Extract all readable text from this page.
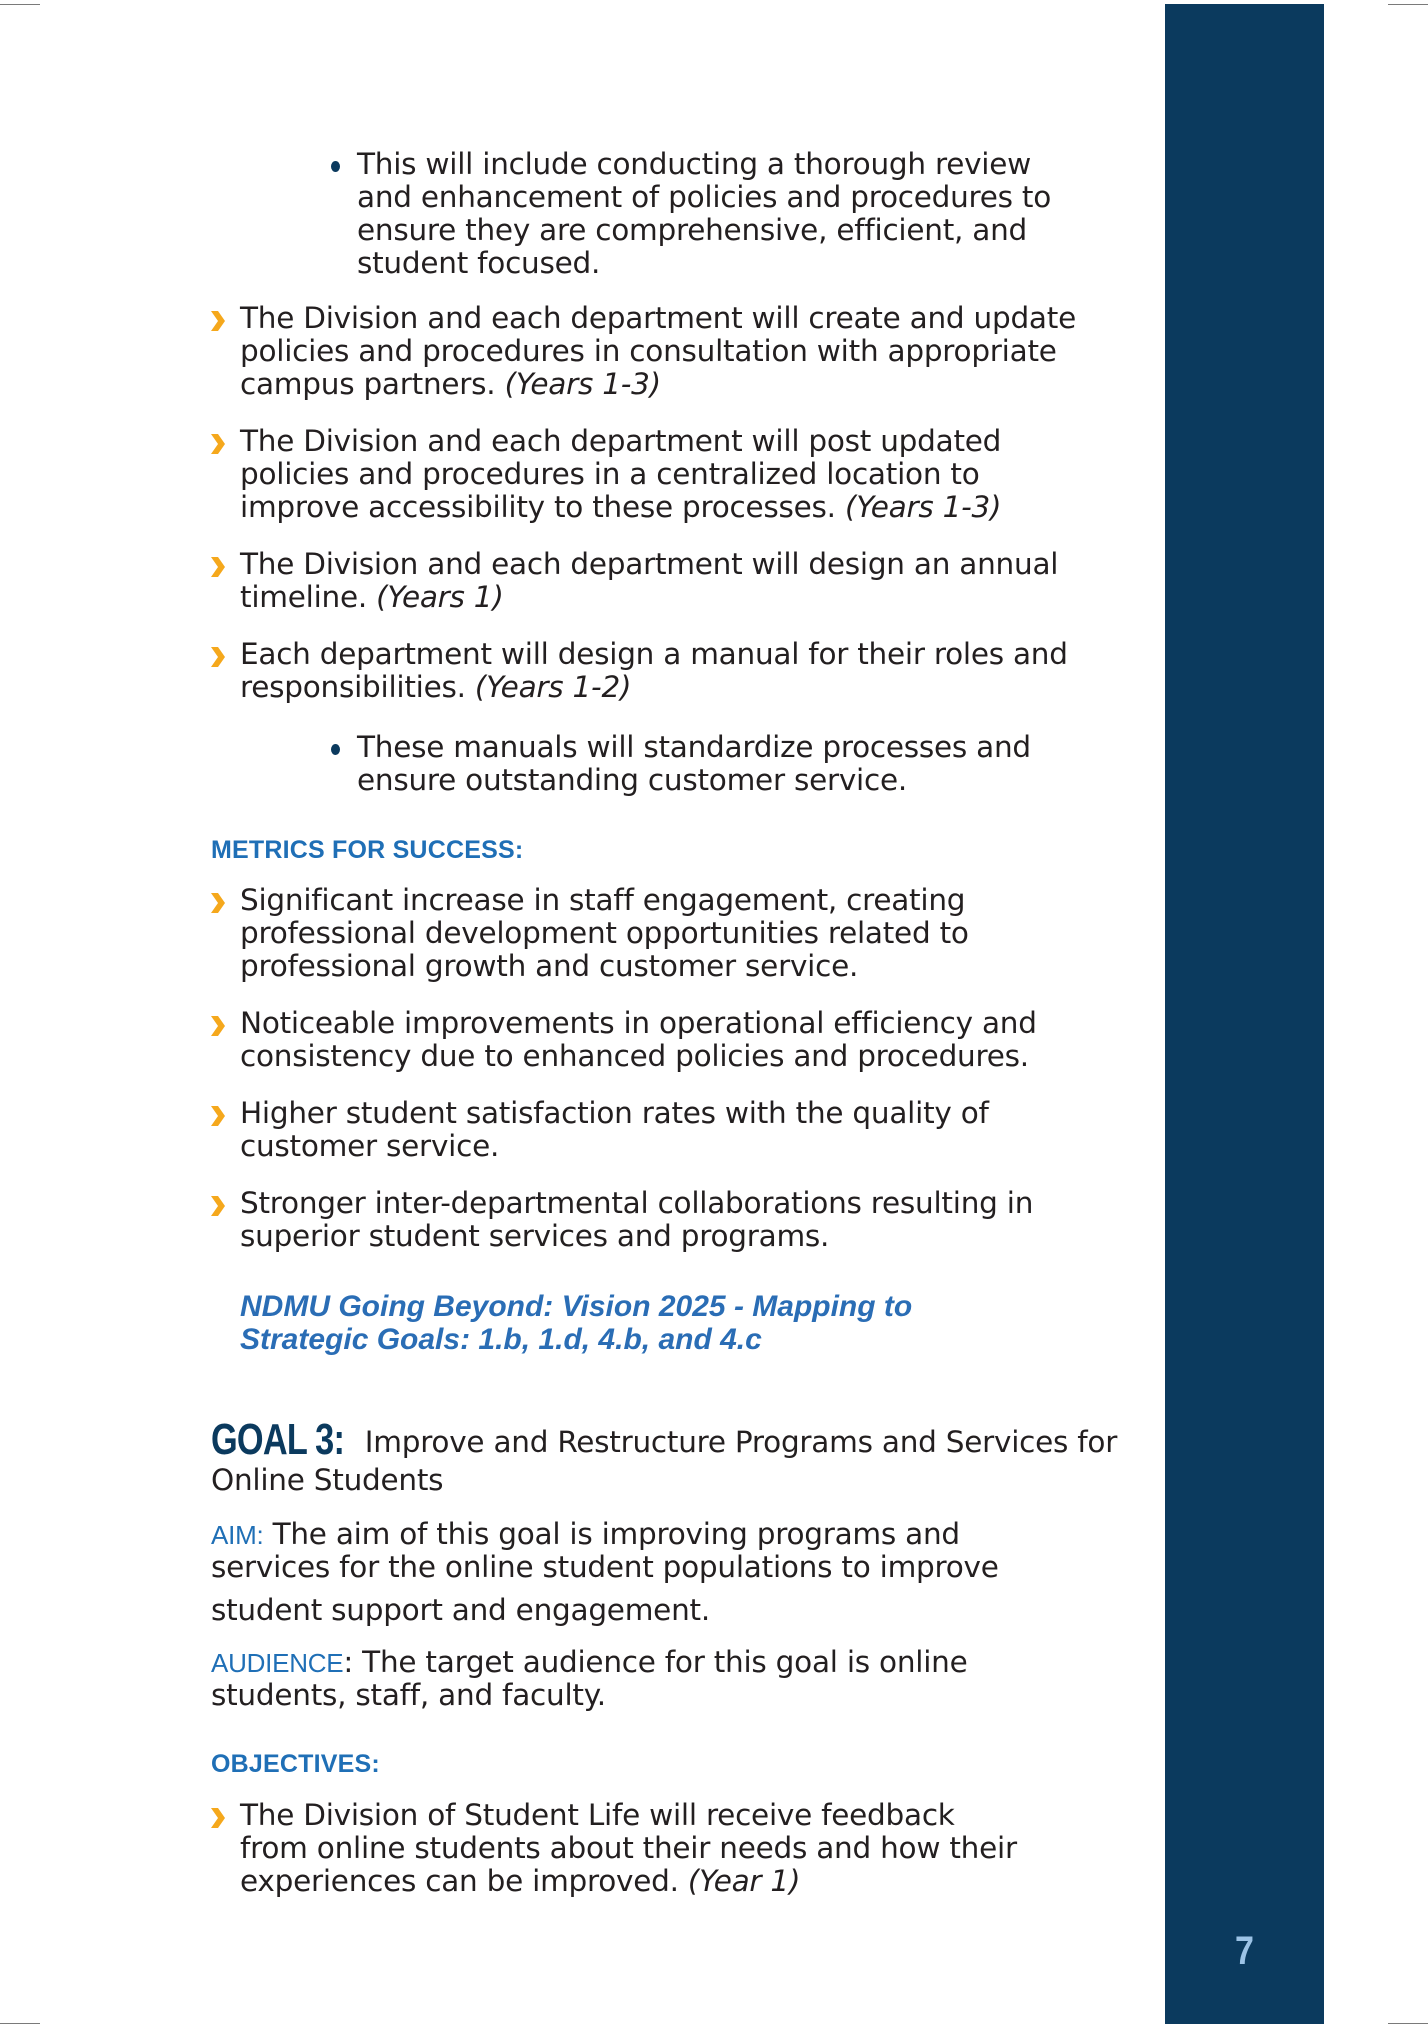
7
This will include conducting a thorough review
and enhancement of policies and procedures to
ensure they are comprehensive, efficient, and
student focused.
The Division and each department will create and update
policies and procedures in consultation with appropriate
campus partners. (Years 1-3)
The Division and each department will post updated
policies and procedures in a centralized location to
improve accessibility to these processes. (Years 1-3)
The Division and each department will design an annual
timeline. (Years 1)
Each department will design a manual for their roles and
responsibilities. (Years 1-2)
These manuals will standardize processes and
ensure outstanding customer service.
METRICS FOR SUCCESS:
Significant increase in staff engagement, creating
professional development opportunities related to
professional growth and customer service.
Noticeable improvements in operational efficiency and
consistency due to enhanced policies and procedures.
Higher student satisfaction rates with the quality of
customer service.
Stronger inter-departmental collaborations resulting in
superior student services and programs.
NDMU Going Beyond: Vision 2025 - Mapping to
Strategic Goals: 1.b, 1.d, 4.b, and 4.c
GOAL 3: Improve and Restructure Programs and Services for
Online Students
AIM: The aim of this goal is improving programs and
services for the online student populations to improve
student support and engagement.
AUDIENCE: The target audience for this goal is online
students, staff, and faculty.
OBJECTIVES:
The Division of Student Life will receive feedback
from online students about their needs and how their
experiences can be improved. (Year 1)
